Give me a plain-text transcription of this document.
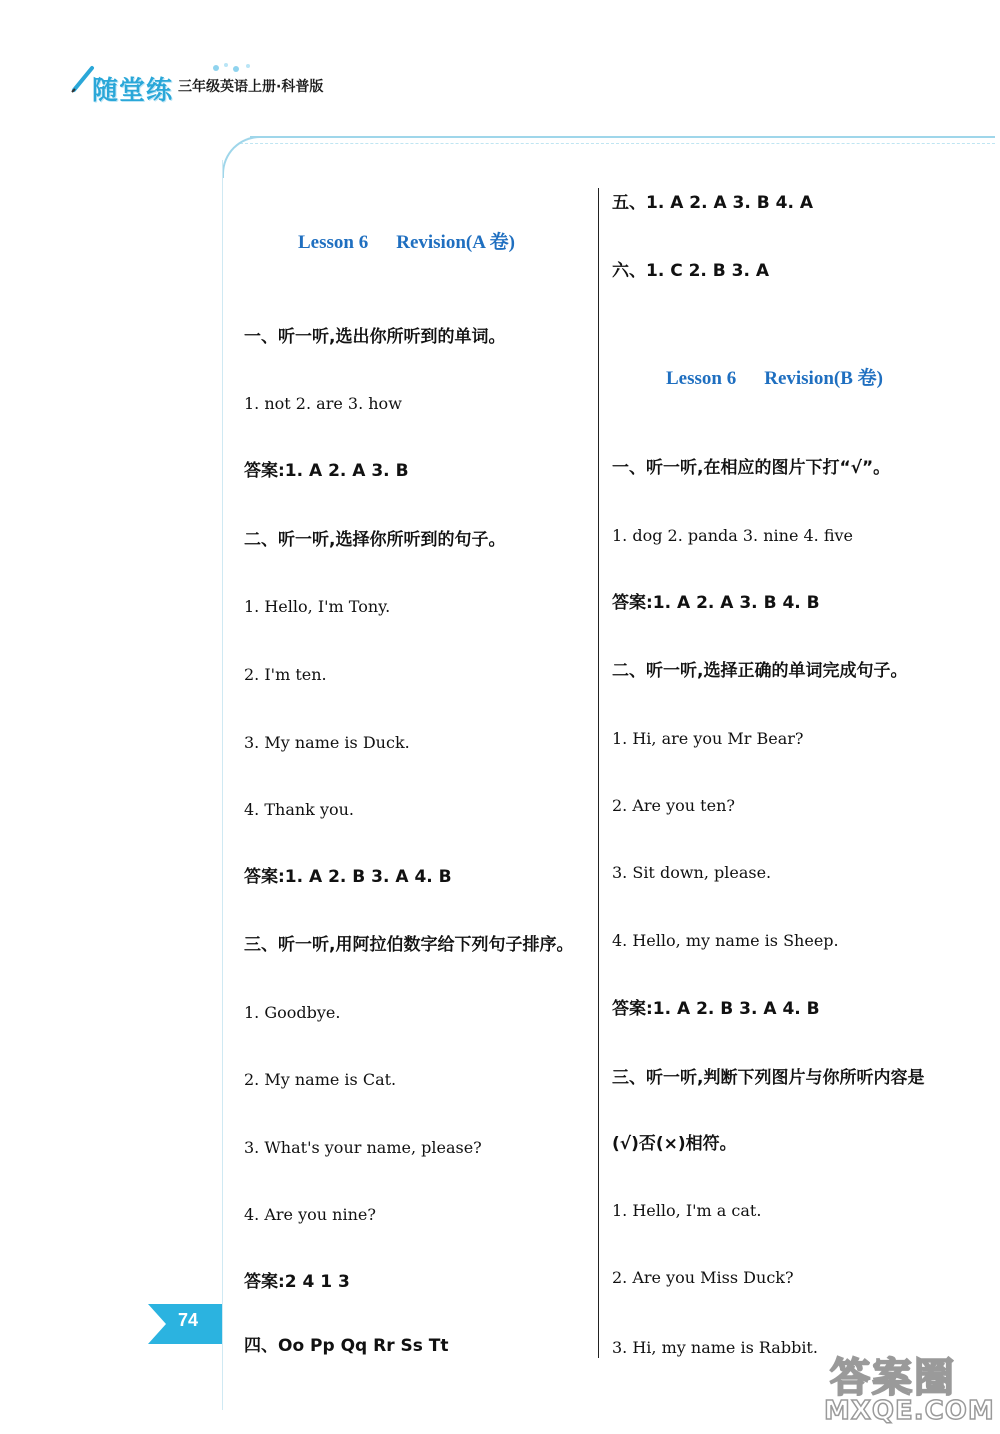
随堂练 三年级英语上册·科普版
Lesson 6 Revision(A 卷)
一、听一听,选出你所听到的单词。
1. not 2. are 3. how
答案:1. A 2. A 3. B
二、听一听,选择你所听到的句子。
1. Hello, I'm Tony.
2. I'm ten.
3. My name is Duck.
4. Thank you.
答案:1. A 2. B 3. A 4. B
三、听一听,用阿拉伯数字给下列句子排序。
1. Goodbye.
2. My name is Cat.
3. What's your name, please?
4. Are you nine?
答案:2 4 1 3
四、Oo Pp Qq Rr Ss Tt
五、1. A 2. A 3. B 4. A
六、1. C 2. B 3. A
Lesson 6 Revision(B 卷)
一、听一听,在相应的图片下打“√”。
1. dog 2. panda 3. nine 4. five
答案:1. A 2. A 3. B 4. B
二、听一听,选择正确的单词完成句子。
1. Hi, are you Mr Bear?
2. Are you ten?
3. Sit down, please.
4. Hello, my name is Sheep.
答案:1. A 2. B 3. A 4. B
三、听一听,判断下列图片与你所听内容是
(√)否(×)相符。
1. Hello, I'm a cat.
2. Are you Miss Duck?
3. Hi, my name is Rabbit.
74
答案圈
MXQE.COM
